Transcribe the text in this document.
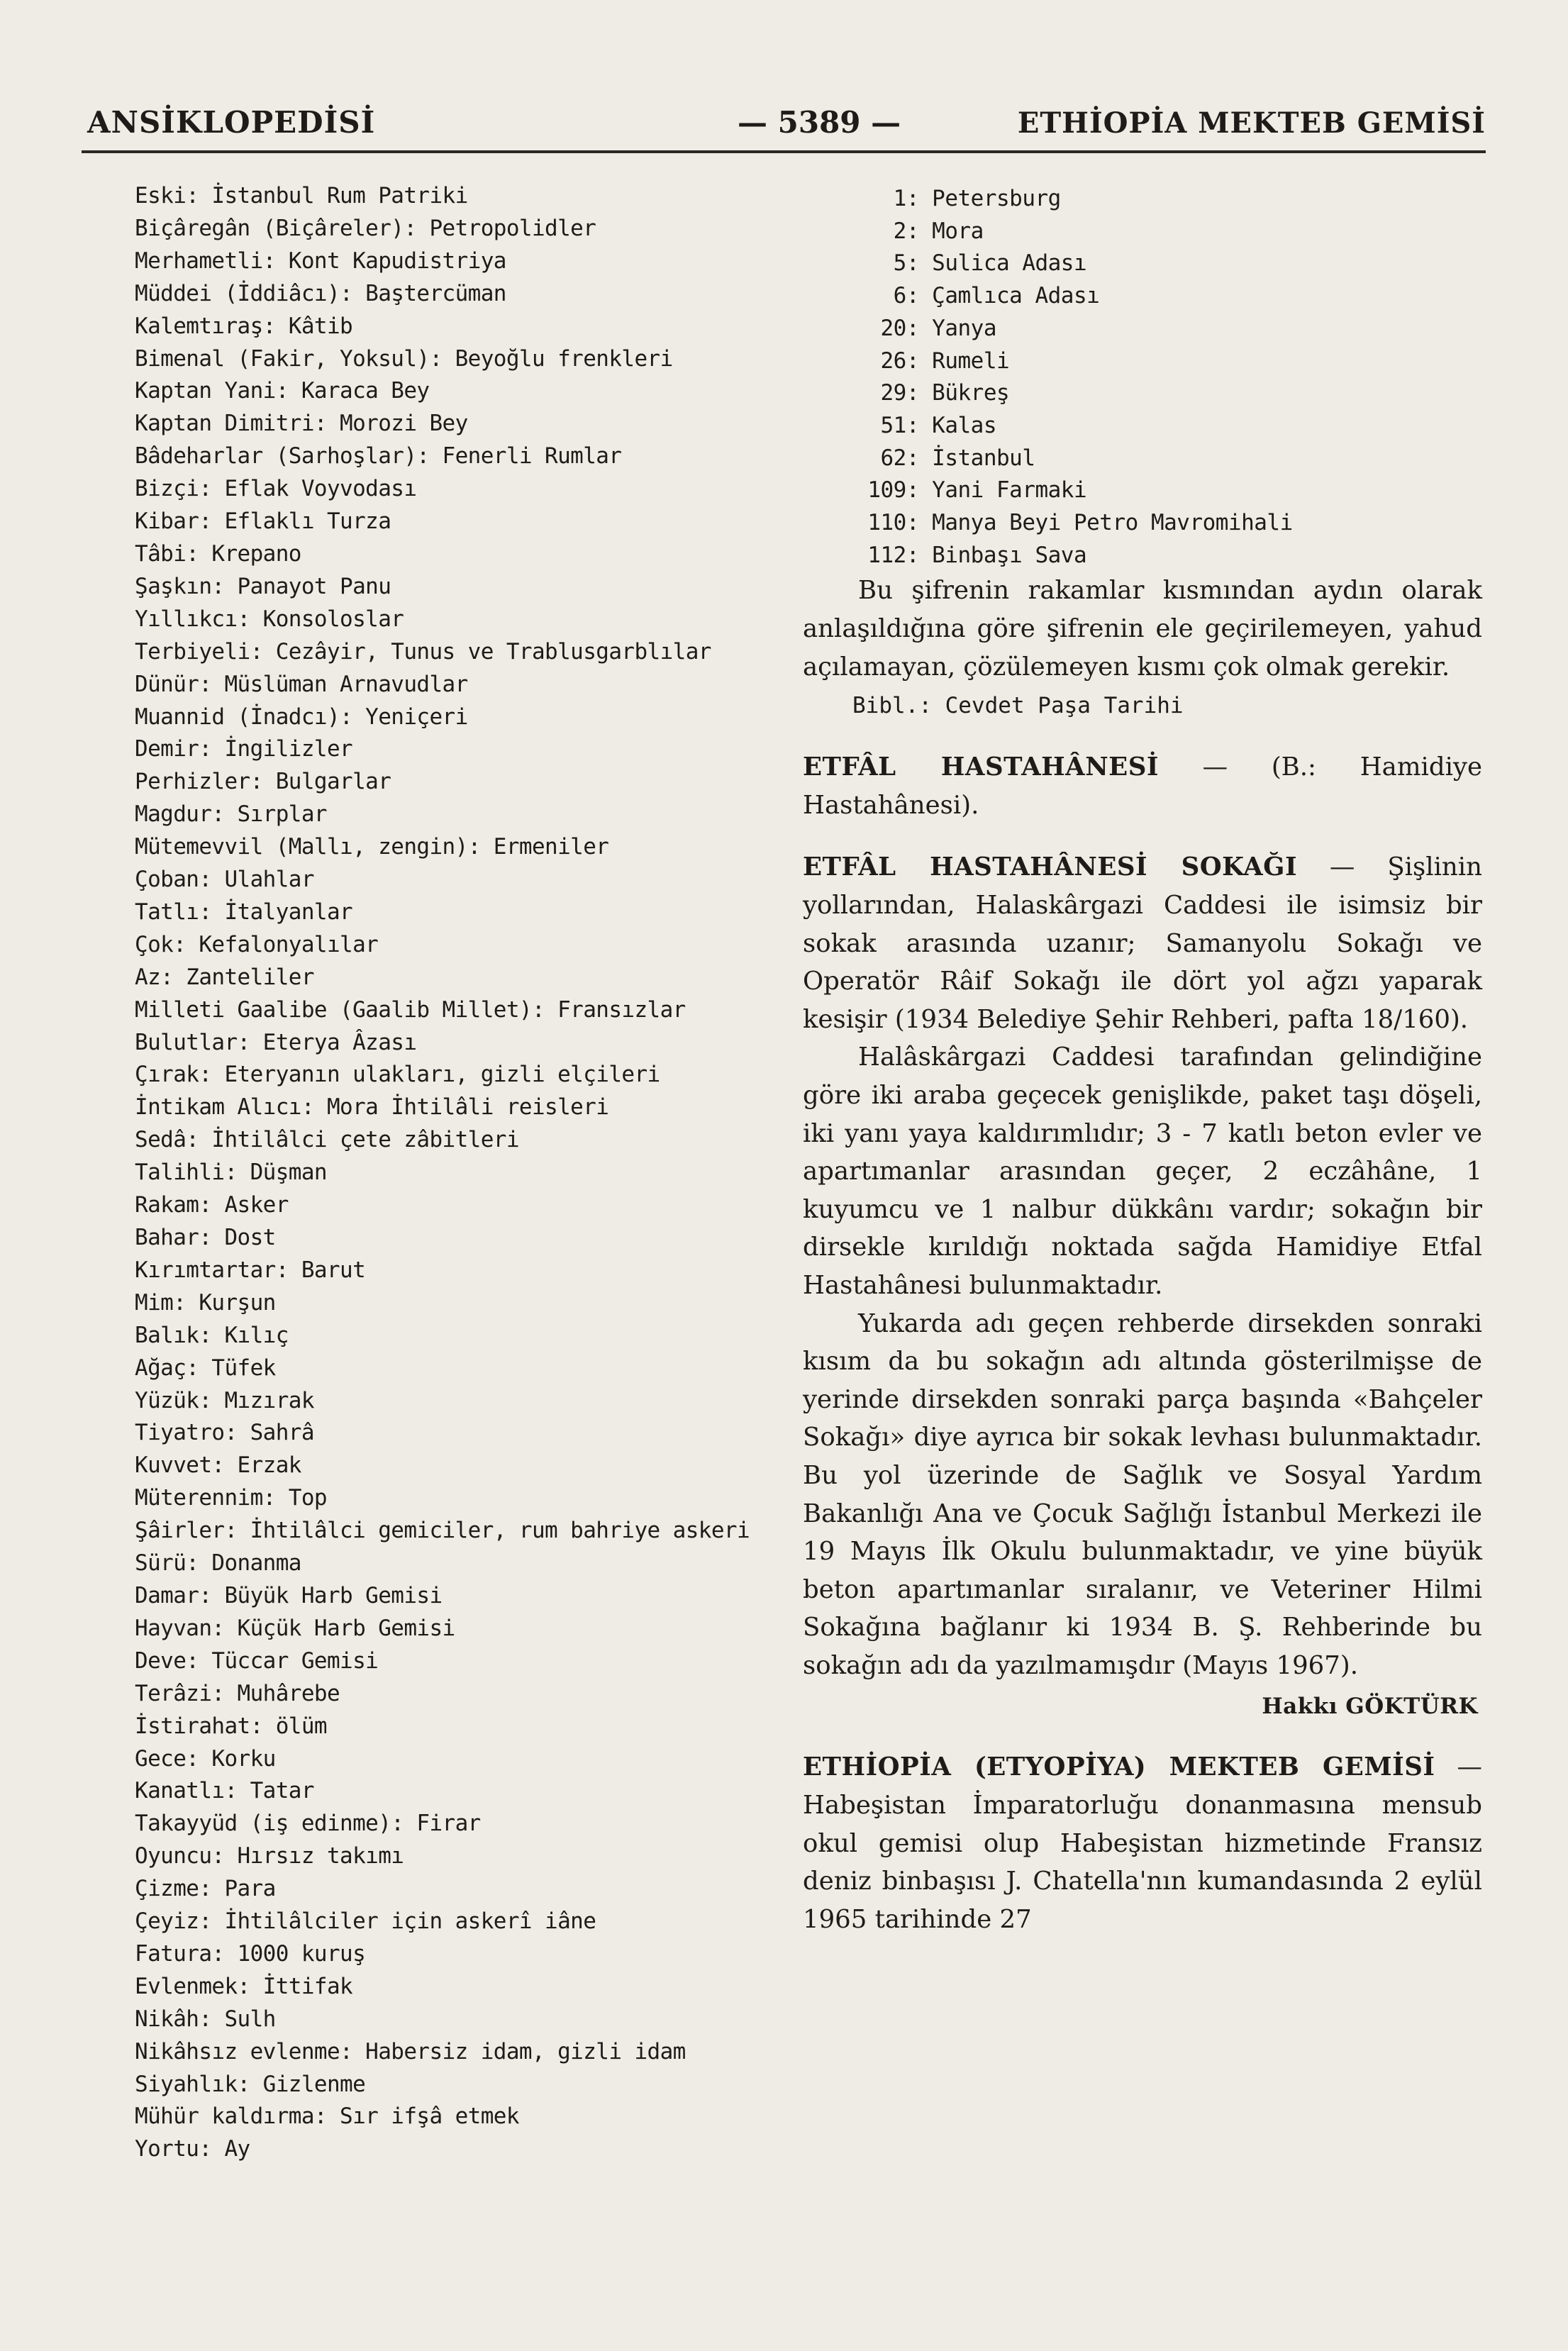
ANSİKLOPEDİSİ	— 5389 —	ETHİOPİA MEKTEB GEMİSİ
Eski: İstanbul Rum Patriki
Biçâregân (Biçâreler): Petropolidler
Merhametli: Kont Kapudistriya
Müddei (İddiâcı): Baştercüman
Kalemtıraş: Kâtib
Bimenal (Fakir, Yoksul): Beyoğlu frenkleri
Kaptan Yani: Karaca Bey
Kaptan Dimitri: Morozi Bey
Bâdeharlar (Sarhoşlar): Fenerli Rumlar
Bizçi: Eflak Voyvodası
Kibar: Eflaklı Turza
Tâbi: Krepano
Şaşkın: Panayot Panu
Yıllıkcı: Konsoloslar
Terbiyeli: Cezâyir, Tunus ve Trablusgarblılar
Dünür: Müslüman Arnavudlar
Muannid (İnadcı): Yeniçeri
Demir: İngilizler
Perhizler: Bulgarlar
Magdur: Sırplar
Mütemevvil (Mallı, zengin): Ermeniler
Çoban: Ulahlar
Tatlı: İtalyanlar
Çok: Kefalonyalılar
Az: Zanteliler
Milleti Gaalibe (Gaalib Millet): Fransızlar
Bulutlar: Eterya Âzası
Çırak: Eteryanın ulakları, gizli elçileri
İntikam Alıcı: Mora İhtilâli reisleri
Sedâ: İhtilâlci çete zâbitleri
Talihli: Düşman
Rakam: Asker
Bahar: Dost
Kırımtartar: Barut
Mim: Kurşun
Balık: Kılıç
Ağaç: Tüfek
Yüzük: Mızırak
Tiyatro: Sahrâ
Kuvvet: Erzak
Müterennim: Top
Şâirler: İhtilâlci gemiciler, rum bahriye askeri
Sürü: Donanma
Damar: Büyük Harb Gemisi
Hayvan: Küçük Harb Gemisi
Deve: Tüccar Gemisi
Terâzi: Muhârebe
İstirahat: ölüm
Gece: Korku
Kanatlı: Tatar
Takayyüd (iş edinme): Firar
Oyuncu: Hırsız takımı
Çizme: Para
Çeyiz: İhtilâlciler için askerî iâne
Fatura: 1000 kuruş
Evlenmek: İttifak
Nikâh: Sulh
Nikâhsız evlenme: Habersiz idam, gizli idam
Siyahlık: Gizlenme
Mühür kaldırma: Sır ifşâ etmek
Yortu: Ay
1: Petersburg
2: Mora
5: Sulica Adası
6: Çamlıca Adası
20: Yanya
26: Rumeli
29: Bükreş
51: Kalas
62: İstanbul
109: Yani Farmaki
110: Manya Beyi Petro Mavromihali
112: Binbaşı Sava

Bu şifrenin rakamlar kısmından aydın olarak anlaşıldığına göre şifrenin ele geçirilemeyen, yahud açılamayan, çözülemeyen kısmı çok olmak gerekir.

Bibl.: Cevdet Paşa Tarihi

ETFÂL HASTAHÂNESİ — (B.: Hamidiye Hastahânesi).

ETFÂL HASTAHÂNESİ SOKAĞI — Şişlinin yollarından, Halaskârgazi Caddesi ile isimsiz bir sokak arasında uzanır; Samanyolu Sokağı ve Operatör Râif Sokağı ile dört yol ağzı yaparak kesişir (1934 Belediye Şehir Rehberi, pafta 18/160).

Halâskârgazi Caddesi tarafından gelindiğine göre iki araba geçecek genişlikde, paket taşı döşeli, iki yanı yaya kaldırımlıdır; 3 - 7 katlı beton evler ve apartımanlar arasından geçer, 2 eczâhâne, 1 kuyumcu ve 1 nalbur dükkânı vardır; sokağın bir dirsekle kırıldığı noktada sağda Hamidiye Etfal Hastahânesi bulunmaktadır.

Yukarda adı geçen rehberde dirsekden sonraki kısım da bu sokağın adı altında gösterilmişse de yerinde dirsekden sonraki parça başında «Bahçeler Sokağı» diye ayrıca bir sokak levhası bulunmaktadır. Bu yol üzerinde de Sağlık ve Sosyal Yardım Bakanlığı Ana ve Çocuk Sağlığı İstanbul Merkezi ile 19 Mayıs İlk Okulu bulunmaktadır, ve yine büyük beton apartımanlar sıralanır, ve Veteriner Hilmi Sokağına bağlanır ki 1934 B. Ş. Rehberinde bu sokağın adı da yazılmamışdır (Mayıs 1967).

Hakkı GÖKTÜRK

ETHİOPİA (ETYOPİYA) MEKTEB GEMİSİ — Habeşistan İmparatorluğu donanmasına mensub okul gemisi olup Habeşistan hizmetinde Fransız deniz binbaşısı J. Chatella'nın kumandasında 2 eylül 1965 tarihinde 27
